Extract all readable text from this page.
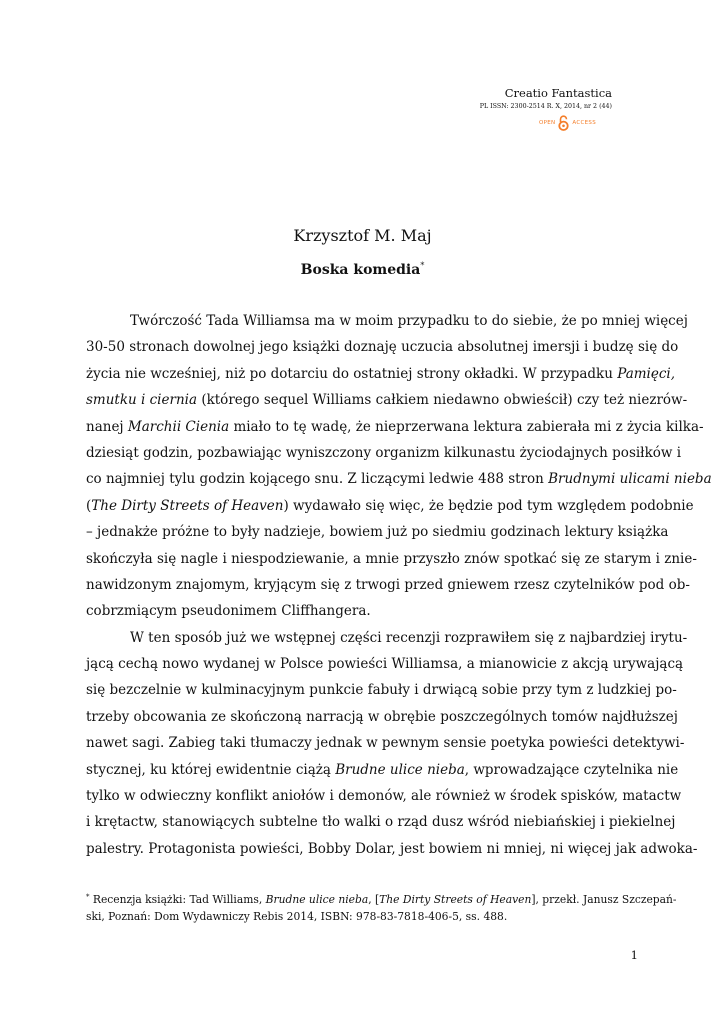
Creatio Fantastica
PL ISSN: 2300-2514 R. X, 2014, nr 2 (44)
OPEN	ACCESS
Krzysztof M. Maj
Boska komedia*
Twórczość Tada Williamsa ma w moim przypadku to do siebie, że po mniej więcej
30-50 stronach dowolnej jego książki doznaję uczucia absolutnej imersji i budzę się do
życia nie wcześniej, niż po dotarciu do ostatniej strony okładki. W przypadku Pamięci,
smutku i ciernia (którego sequel Williams całkiem niedawno obwieścił) czy też niezrów-
nanej Marchii Cienia miało to tę wadę, że nieprzerwana lektura zabierała mi z życia kilka-
dziesiąt godzin, pozbawiając wyniszczony organizm kilkunastu życiodajnych posiłków i
co najmniej tylu godzin kojącego snu. Z liczącymi ledwie 488 stron Brudnymi ulicami nieba
(The Dirty Streets of Heaven) wydawało się więc, że będzie pod tym względem podobnie
– jednakże próżne to były nadzieje, bowiem już po siedmiu godzinach lektury książka
skończyła się nagle i niespodziewanie, a mnie przyszło znów spotkać się ze starym i znie-
nawidzonym znajomym, kryjącym się z trwogi przed gniewem rzesz czytelników pod ob-
cobrzmiącym pseudonimem Cliffhangera.
W ten sposób już we wstępnej części recenzji rozprawiłem się z najbardziej irytu-
jącą cechą nowo wydanej w Polsce powieści Williamsa, a mianowicie z akcją urywającą
się bezczelnie w kulminacyjnym punkcie fabuły i drwiącą sobie przy tym z ludzkiej po-
trzeby obcowania ze skończoną narracją w obrębie poszczególnych tomów najdłuższej
nawet sagi. Zabieg taki tłumaczy jednak w pewnym sensie poetyka powieści detektywi-
stycznej, ku której ewidentnie ciążą Brudne ulice nieba, wprowadzające czytelnika nie
tylko w odwieczny konflikt aniołów i demonów, ale również w środek spisków, matactw
i krętactw, stanowiących subtelne tło walki o rząd dusz wśród niebiańskiej i piekielnej
palestry. Protagonista powieści, Bobby Dolar, jest bowiem ni mniej, ni więcej jak adwoka-
* Recenzja książki: Tad Williams, Brudne ulice nieba, [The Dirty Streets of Heaven], przekł. Janusz Szczepań-
ski, Poznań: Dom Wydawniczy Rebis 2014, ISBN: 978-83-7818-406-5, ss. 488.
1
